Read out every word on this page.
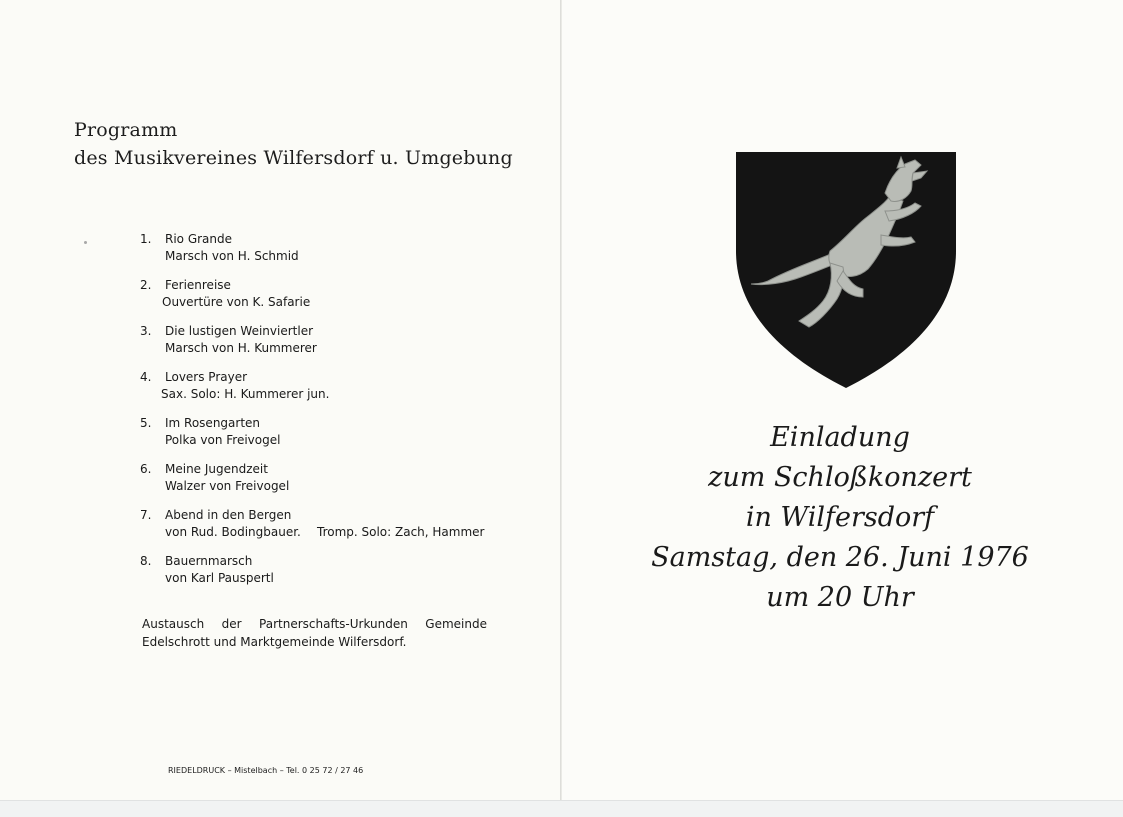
Programm
des Musikvereines Wilfersdorf u. Umgebung
1.	Rio Grande
Marsch von H. Schmid
2.	Ferienreise
Ouvertüre von K. Safarie
3.	Die lustigen Weinviertler
Marsch von H. Kummerer
4.	Lovers Prayer
Sax. Solo: H. Kummerer jun.
5.	Im Rosengarten
Polka von Freivogel
6.	Meine Jugendzeit
Walzer von Freivogel
7.	Abend in den Bergen
von Rud. Bodingbauer. Tromp. Solo: Zach, Hammer
8.	Bauernmarsch
von Karl Pauspertl
Austausch der Partnerschafts-Urkunden Gemeinde Edelschrott und Marktgemeinde Wilfersdorf.
RIEDELDRUCK – Mistelbach – Tel. 0 25 72 / 27 46
Einladung
zum Schloßkonzert
in Wilfersdorf
Samstag, den 26. Juni 1976
um 20 Uhr
